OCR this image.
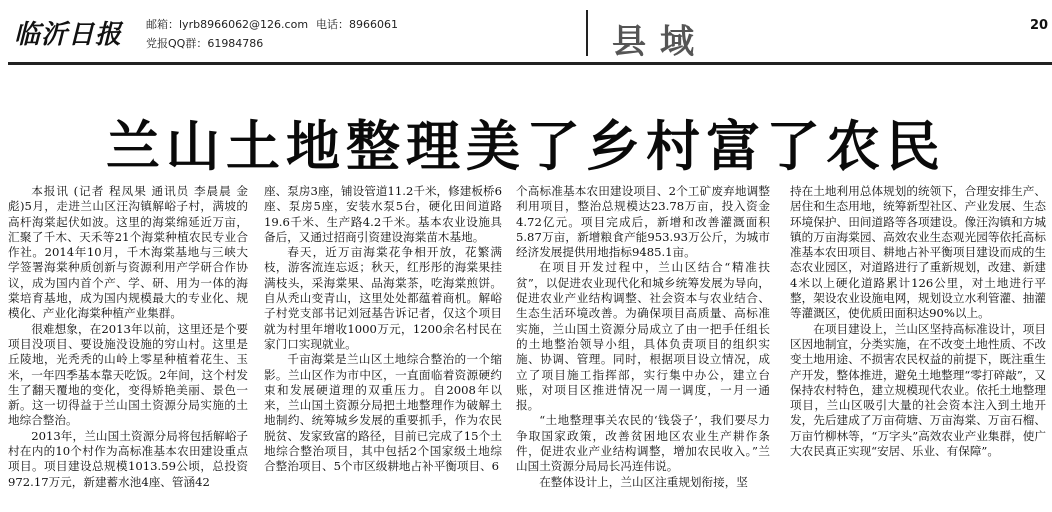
临沂日报 邮箱：lyrb8966062@126.com
党报QQ群：61984786
电话：8966061	县域	20
兰山土地整理美了乡村富了农民

本报讯 (记者 程凤果 通讯员 李晨晨 金彪)5月，走进兰山区汪沟镇解峪子村，满坡的高杆海棠起伏如波。这里的海棠绵延近万亩，汇聚了千木、天禾等21个海棠种植农民专业合作社。2014年10月，千木海棠基地与三峡大学签署海棠种质创新与资源利用产学研合作协议，成为国内首个产、学、研、用为一体的海棠培育基地，成为国内规模最大的专业化、规模化、产业化海棠种植产业集群。

很难想象，在2013年以前，这里还是个要项目没项目、要设施没设施的穷山村。这里是丘陵地，光秃秃的山岭上零星种植着花生、玉米，一年四季基本靠天吃饭。2年间，这个村发生了翻天覆地的变化，变得矫艳美丽、景色一新。这一切得益于兰山国土资源分局实施的土地综合整治。

2013年，兰山国土资源分局将包括解峪子村在内的10个村作为高标准基本农田建设重点项目。项目建设总规模1013.59公顷，总投资972.17万元，新建蓄水池4座、管涵42

座、泵房3座，铺设管道11.2千米，修建板桥6座、泵房5座，安装水泵5台，硬化田间道路19.6千米、生产路4.2千米。基本农业设施具备后，又通过招商引资建设海棠苗木基地。

春天，近万亩海棠花争相开放，花繁满枝，游客流连忘返；秋天，红彤彤的海棠果挂满枝头，采海棠果、品海棠茶，吃海棠煎饼。自从秃山变青山，这里处处都蕴着商机。解峪子村党支部书记刘冠基告诉记者，仅这个项目就为村里年增收1000万元，1200余名村民在家门口实现就业。

千亩海棠是兰山区土地综合整治的一个缩影。兰山区作为市中区，一直面临着资源硬约束和发展硬道理的双重压力。自2008年以来，兰山国土资源分局把土地整理作为破解土地制约、统筹城乡发展的重要抓手，作为农民脱贫、发家致富的路径，目前已完成了15个土地综合整治项目，其中包括2个国家级土地综合整治项目、5个市区级耕地占补平衡项目、6

个高标准基本农田建设项目、2个工矿废弃地调整利用项目，整治总规模达23.78万亩，投入资金4.72亿元。项目完成后，新增和改善灌溉面积5.87万亩，新增粮食产能953.93万公斤，为城市经济发展提供用地指标9485.1亩。

在项目开发过程中，兰山区结合“精准扶贫”，以促进农业现代化和城乡统筹发展为导向，促进农业产业结构调整、社会资本与农业结合、生态生活环境改善。为确保项目高质量、高标准实施，兰山国土资源分局成立了由一把手任组长的土地整治领导小组，具体负责项目的组织实施、协调、管理。同时，根据项目设立情况，成立了项目施工指挥部，实行集中办公，建立台账，对项目区推进情况一周一调度，一月一通报。

“土地整理事关农民的‘钱袋子’，我们要尽力争取国家政策，改善贫困地区农业生产耕作条件，促进农业产业结构调整，增加农民收入。”兰山国土资源分局局长冯连伟说。

在整体设计上，兰山区注重规划衔接，坚

持在土地利用总体规划的统领下，合理安排生产、居住和生态用地，统筹新型社区、产业发展、生态环境保护、田间道路等各项建设。像汪沟镇和方城镇的万亩海棠园、高效农业生态观光园等依托高标准基本农田项目、耕地占补平衡项目建设而成的生态农业园区，对道路进行了重新规划，改建、新建4米以上硬化道路累计126公里，对土地进行平整，架设农业设施电网，规划设立水利管灌、抽灌等灌溉区，使优质田面积达90%以上。

在项目建设上，兰山区坚持高标准设计，项目区因地制宜，分类实施，在不改变土地性质、不改变土地用途、不损害农民权益的前提下，既注重生产开发，整体推进，避免土地整理“零打碎敲”，又保持农村特色，建立规模现代农业。依托土地整理项目，兰山区吸引大量的社会资本注入到土地开发，先后建成了万亩荷塘、万亩海棠、万亩石榴、万亩竹柳林等，“万字头”高效农业产业集群，使广大农民真正实现“安居、乐业、有保障”。
